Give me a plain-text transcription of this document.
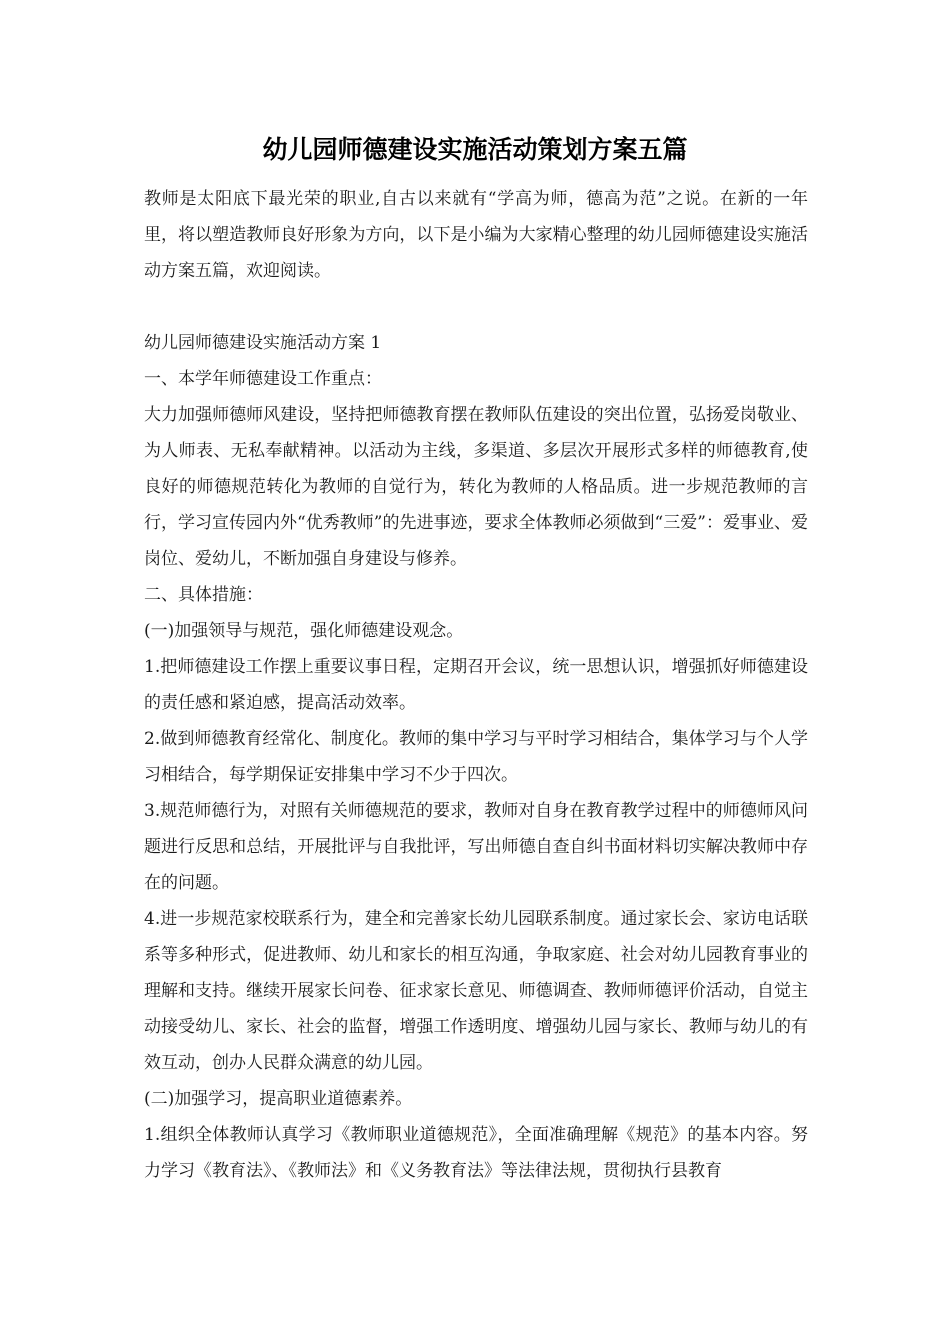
幼儿园师德建设实施活动策划方案五篇

教师是太阳底下最光荣的职业,自古以来就有“学高为师，德高为范”之说。在新的一年里，将以塑造教师良好形象为方向，以下是小编为大家精心整理的幼儿园师德建设实施活动方案五篇，欢迎阅读。

幼儿园师德建设实施活动方案 1

一、本学年师德建设工作重点：

大力加强师德师风建设，坚持把师德教育摆在教师队伍建设的突出位置，弘扬爱岗敬业、为人师表、无私奉献精神。以活动为主线，多渠道、多层次开展形式多样的师德教育,使良好的师德规范转化为教师的自觉行为，转化为教师的人格品质。进一步规范教师的言行，学习宣传园内外“优秀教师”的先进事迹，要求全体教师必须做到“三爱”：爱事业、爱岗位、爱幼儿，不断加强自身建设与修养。

二、具体措施：

(一)加强领导与规范，强化师德建设观念。

1.把师德建设工作摆上重要议事日程，定期召开会议，统一思想认识，增强抓好师德建设的责任感和紧迫感，提高活动效率。

2.做到师德教育经常化、制度化。教师的集中学习与平时学习相结合，集体学习与个人学习相结合，每学期保证安排集中学习不少于四次。

3.规范师德行为，对照有关师德规范的要求，教师对自身在教育教学过程中的师德师风问题进行反思和总结，开展批评与自我批评，写出师德自查自纠书面材料切实解决教师中存在的问题。

4.进一步规范家校联系行为，建全和完善家长幼儿园联系制度。通过家长会、家访电话联系等多种形式，促进教师、幼儿和家长的相互沟通，争取家庭、社会对幼儿园教育事业的理解和支持。继续开展家长问卷、征求家长意见、师德调查、教师师德评价活动，自觉主动接受幼儿、家长、社会的监督，增强工作透明度、增强幼儿园与家长、教师与幼儿的有效互动，创办人民群众满意的幼儿园。

(二)加强学习，提高职业道德素养。

1.组织全体教师认真学习《教师职业道德规范》，全面准确理解《规范》的基本内容。努力学习《教育法》、《教师法》和《义务教育法》等法律法规，贯彻执行县教育
